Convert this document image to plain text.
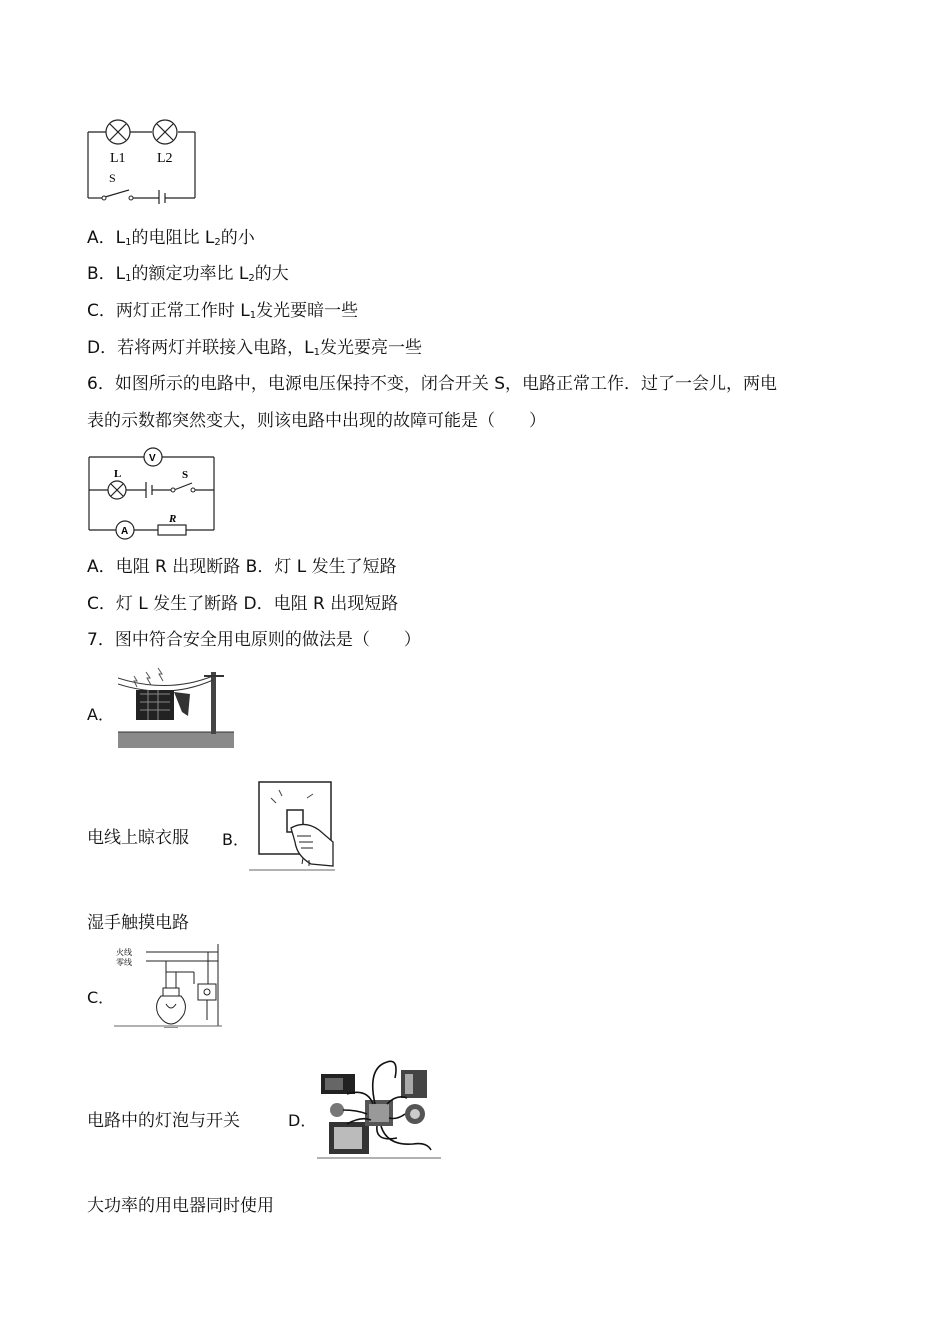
L1 L2
S
A．$L_1$的电阻比 $L_2$的小
B．$L_1$的额定功率比 $L_2$的大
C．两灯正常工作时 $L_1$发光要暗一些
D．若将两灯并联接入电路，$L_1$发光要亮一些
6．如图所示的电路中，电源电压保持不变，闭合开关 S，电路正常工作．过了一会儿，两电
表的示数都突然变大，则该电路中出现的故障可能是（　　）
V
L	S
A
R
A．电阻 R 出现断路 B．灯 L 发生了短路
C．灯 L 发生了断路 D．电阻 R 出现短路
7．图中符合安全用电原则的做法是（　　）
A．
电线上晾衣服 B．
湿手触摸电路
C．
火线
零线
电路中的灯泡与开关	D．
大功率的用电器同时使用
